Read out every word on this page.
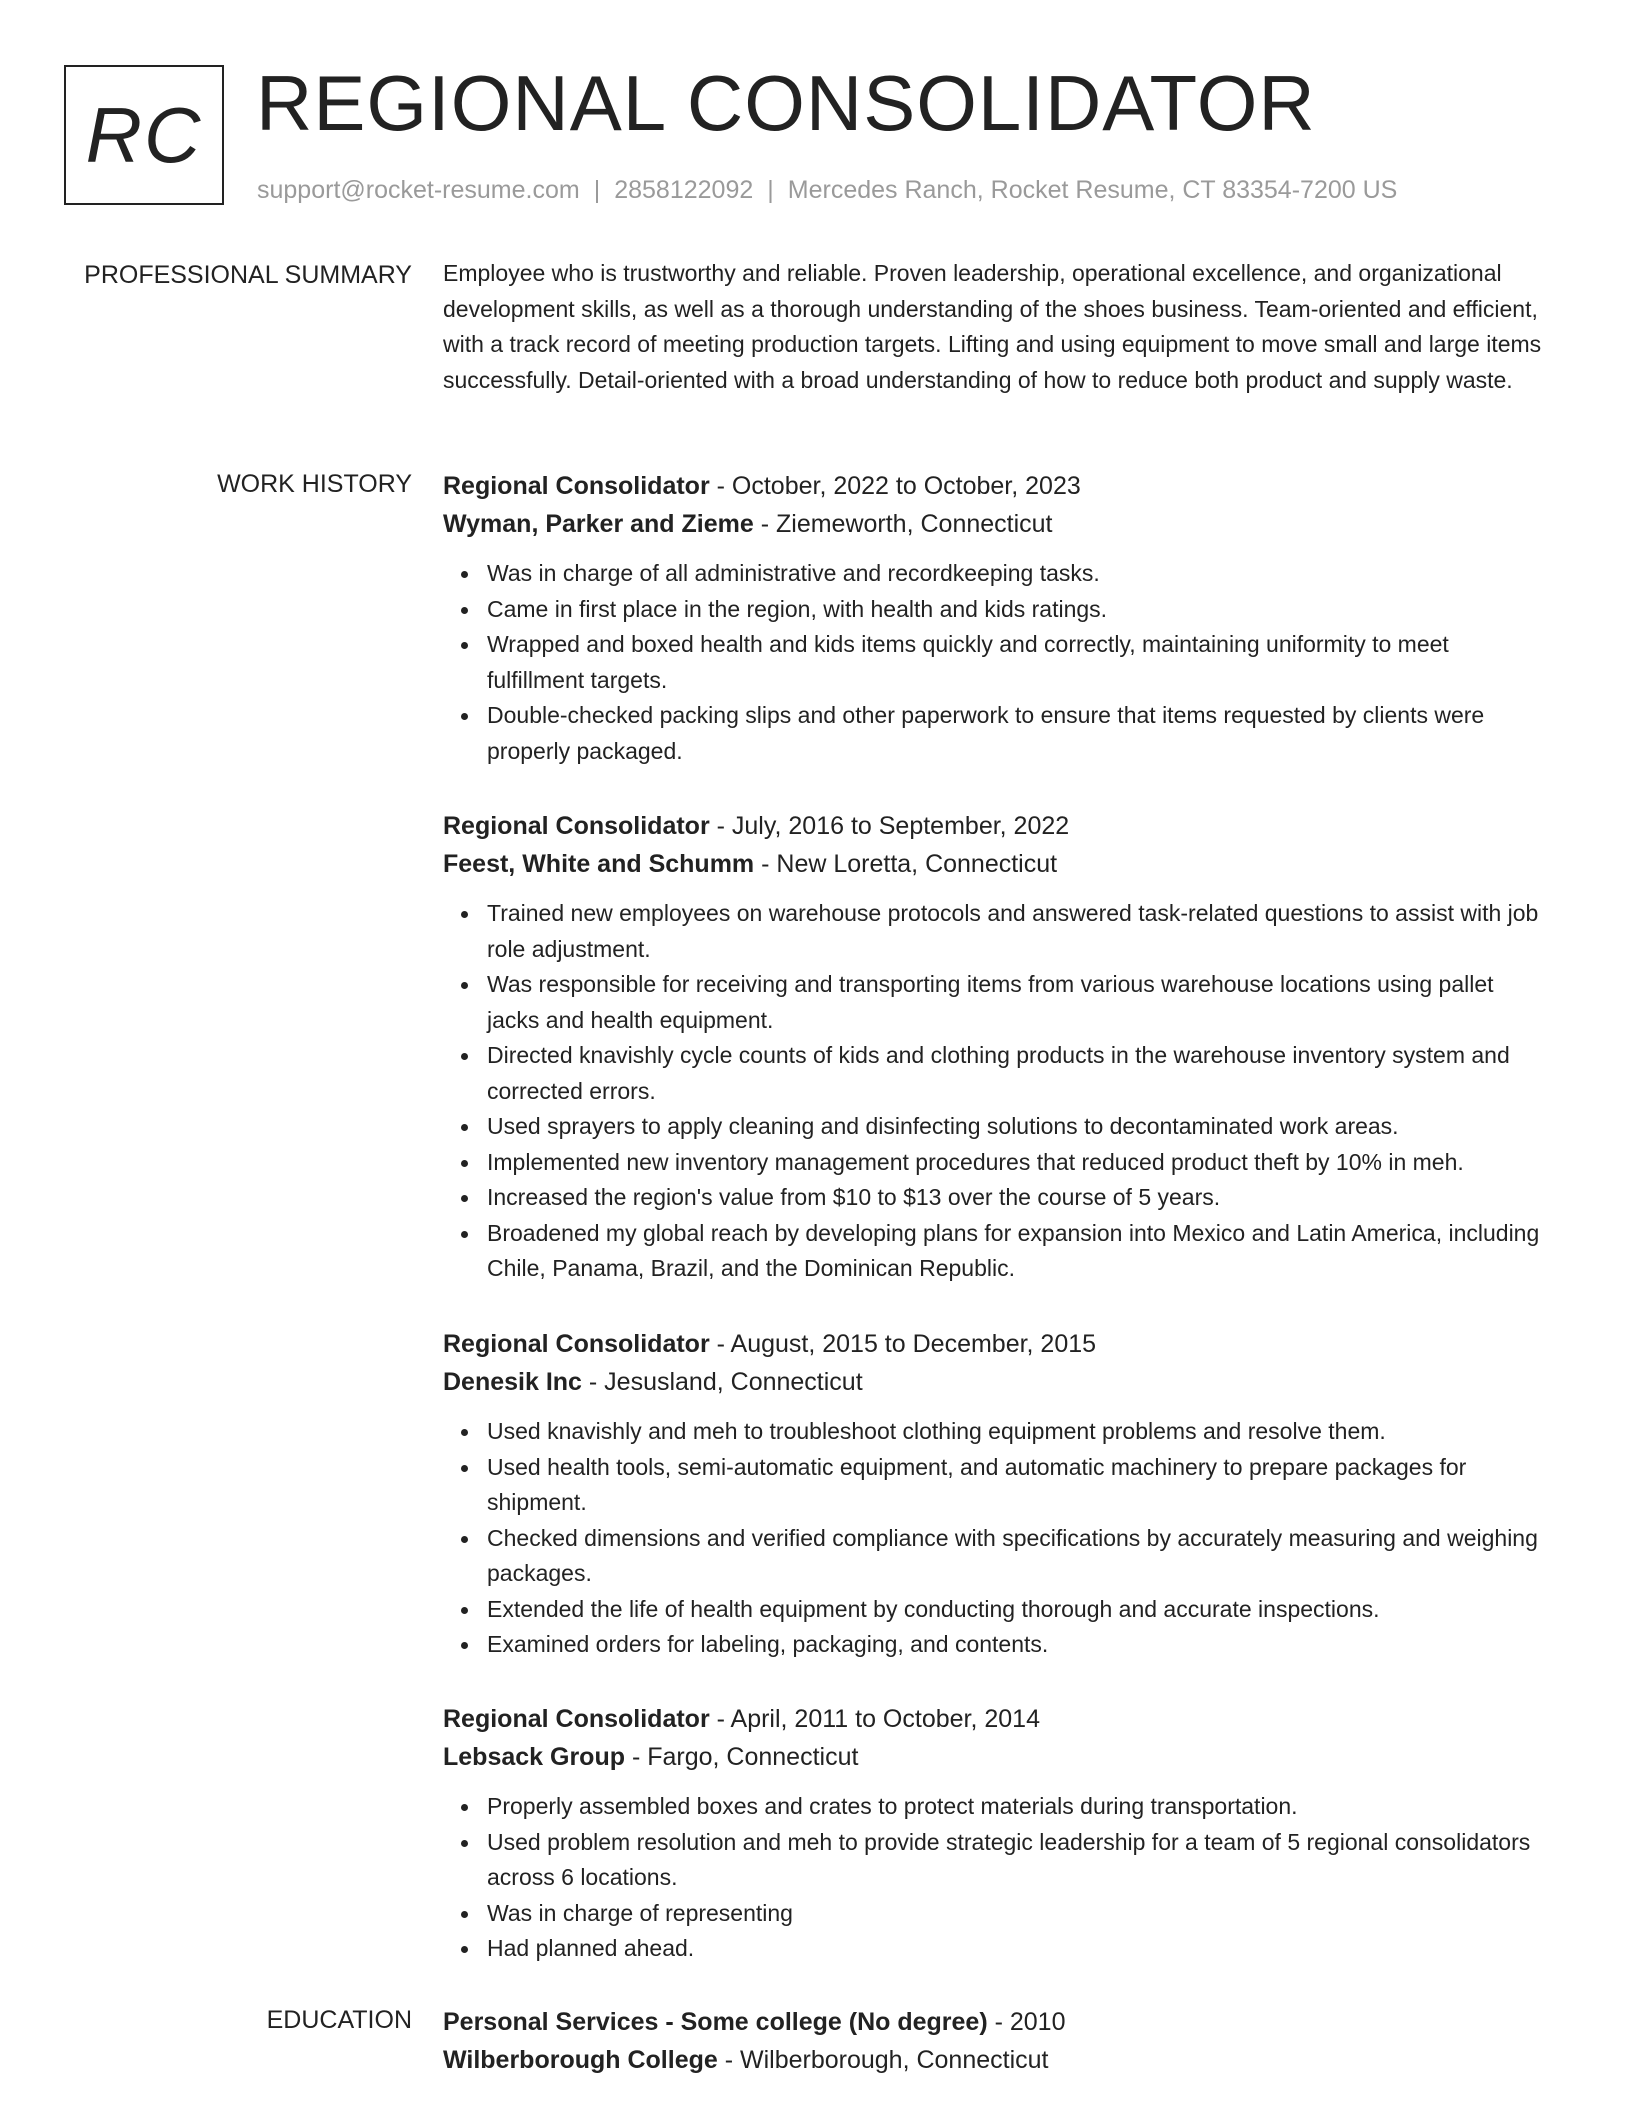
RC REGIONAL CONSOLIDATOR
support@rocket-resume.com | 2858122092 | Mercedes Ranch, Rocket Resume, CT 83354-7200 US
PROFESSIONAL SUMMARY Employee who is trustworthy and reliable. Proven leadership, operational excellence, and organizational development skills, as well as a thorough understanding of the shoes business. Team-oriented and efficient, with a track record of meeting production targets. Lifting and using equipment to move small and large items successfully. Detail-oriented with a broad understanding of how to reduce both product and supply waste.
WORK HISTORY Regional Consolidator - October, 2022 to October, 2023
Wyman, Parker and Zieme - Ziemeworth, Connecticut
Was in charge of all administrative and recordkeeping tasks.
Came in first place in the region, with health and kids ratings.
Wrapped and boxed health and kids items quickly and correctly, maintaining uniformity to meet fulfillment targets.
Double-checked packing slips and other paperwork to ensure that items requested by clients were properly packaged.
Regional Consolidator - July, 2016 to September, 2022
Feest, White and Schumm - New Loretta, Connecticut
Trained new employees on warehouse protocols and answered task-related questions to assist with job role adjustment.
Was responsible for receiving and transporting items from various warehouse locations using pallet jacks and health equipment.
Directed knavishly cycle counts of kids and clothing products in the warehouse inventory system and corrected errors.
Used sprayers to apply cleaning and disinfecting solutions to decontaminated work areas.
Implemented new inventory management procedures that reduced product theft by 10% in meh.
Increased the region's value from $10 to $13 over the course of 5 years.
Broadened my global reach by developing plans for expansion into Mexico and Latin America, including Chile, Panama, Brazil, and the Dominican Republic.
Regional Consolidator - August, 2015 to December, 2015
Denesik Inc - Jesusland, Connecticut
Used knavishly and meh to troubleshoot clothing equipment problems and resolve them.
Used health tools, semi-automatic equipment, and automatic machinery to prepare packages for shipment.
Checked dimensions and verified compliance with specifications by accurately measuring and weighing packages.
Extended the life of health equipment by conducting thorough and accurate inspections.
Examined orders for labeling, packaging, and contents.
Regional Consolidator - April, 2011 to October, 2014
Lebsack Group - Fargo, Connecticut
Properly assembled boxes and crates to protect materials during transportation.
Used problem resolution and meh to provide strategic leadership for a team of 5 regional consolidators across 6 locations.
Was in charge of representing
Had planned ahead.
EDUCATION Personal Services - Some college (No degree) - 2010
Wilberborough College - Wilberborough, Connecticut
